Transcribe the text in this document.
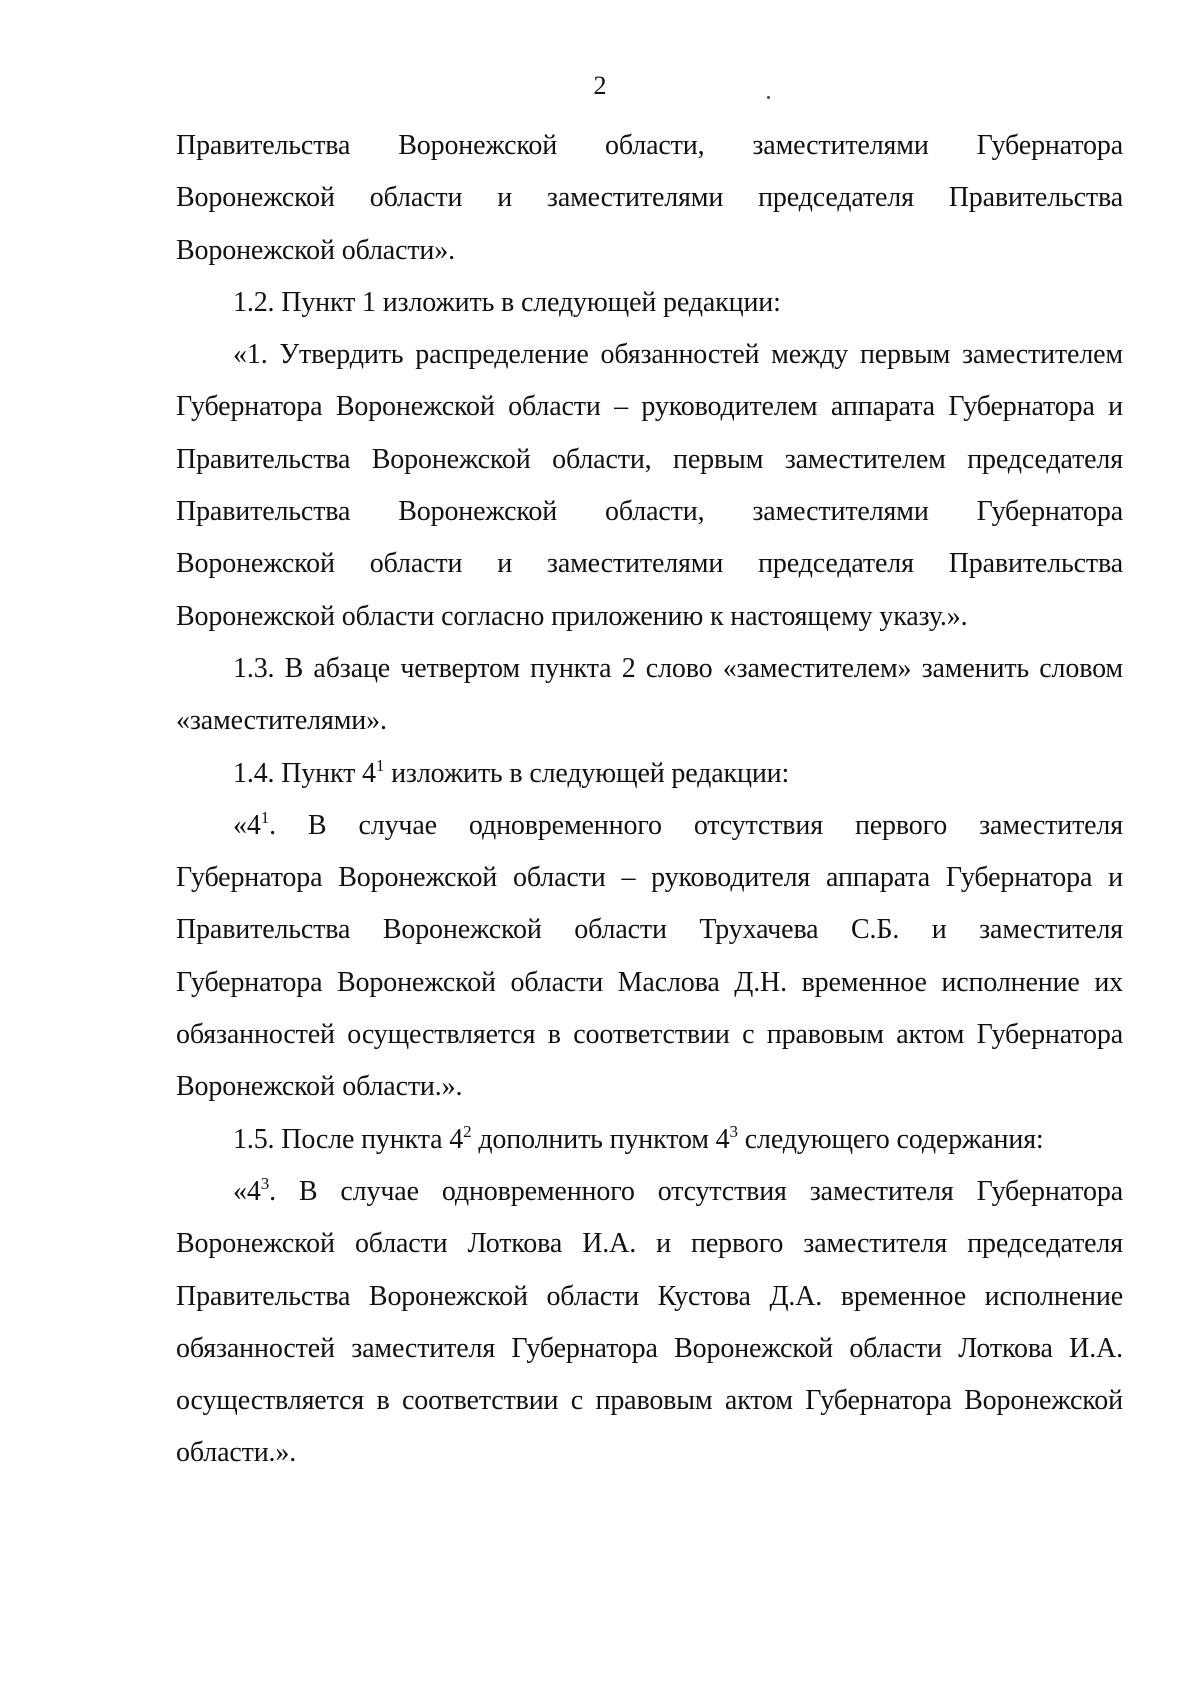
2

Правительства Воронежской области, заместителями Губернатора Воронежской области и заместителями председателя Правительства Воронежской области».

1.2. Пункт 1 изложить в следующей редакции:

«1. Утвердить распределение обязанностей между первым заместителем Губернатора Воронежской области – руководителем аппарата Губернатора и Правительства Воронежской области, первым заместителем председателя Правительства Воронежской области, заместителями Губернатора Воронежской области и заместителями председателя Правительства Воронежской области согласно приложению к настоящему указу.».

1.3. В абзаце четвертом пункта 2 слово «заместителем» заменить словом «заместителями».

1.4. Пункт $4^1$ изложить в следующей редакции:

«$4^1$. В случае одновременного отсутствия первого заместителя Губернатора Воронежской области – руководителя аппарата Губернатора и Правительства Воронежской области Трухачева С.Б. и заместителя Губернатора Воронежской области Маслова Д.Н. временное исполнение их обязанностей осуществляется в соответствии с правовым актом Губернатора Воронежской области.».

1.5. После пункта $4^2$ дополнить пунктом $4^3$ следующего содержания:

«$4^3$. В случае одновременного отсутствия заместителя Губернатора Воронежской области Лоткова И.А. и первого заместителя председателя Правительства Воронежской области Кустова Д.А. временное исполнение обязанностей заместителя Губернатора Воронежской области Лоткова И.А. осуществляется в соответствии с правовым актом Губернатора Воронежской области.».
